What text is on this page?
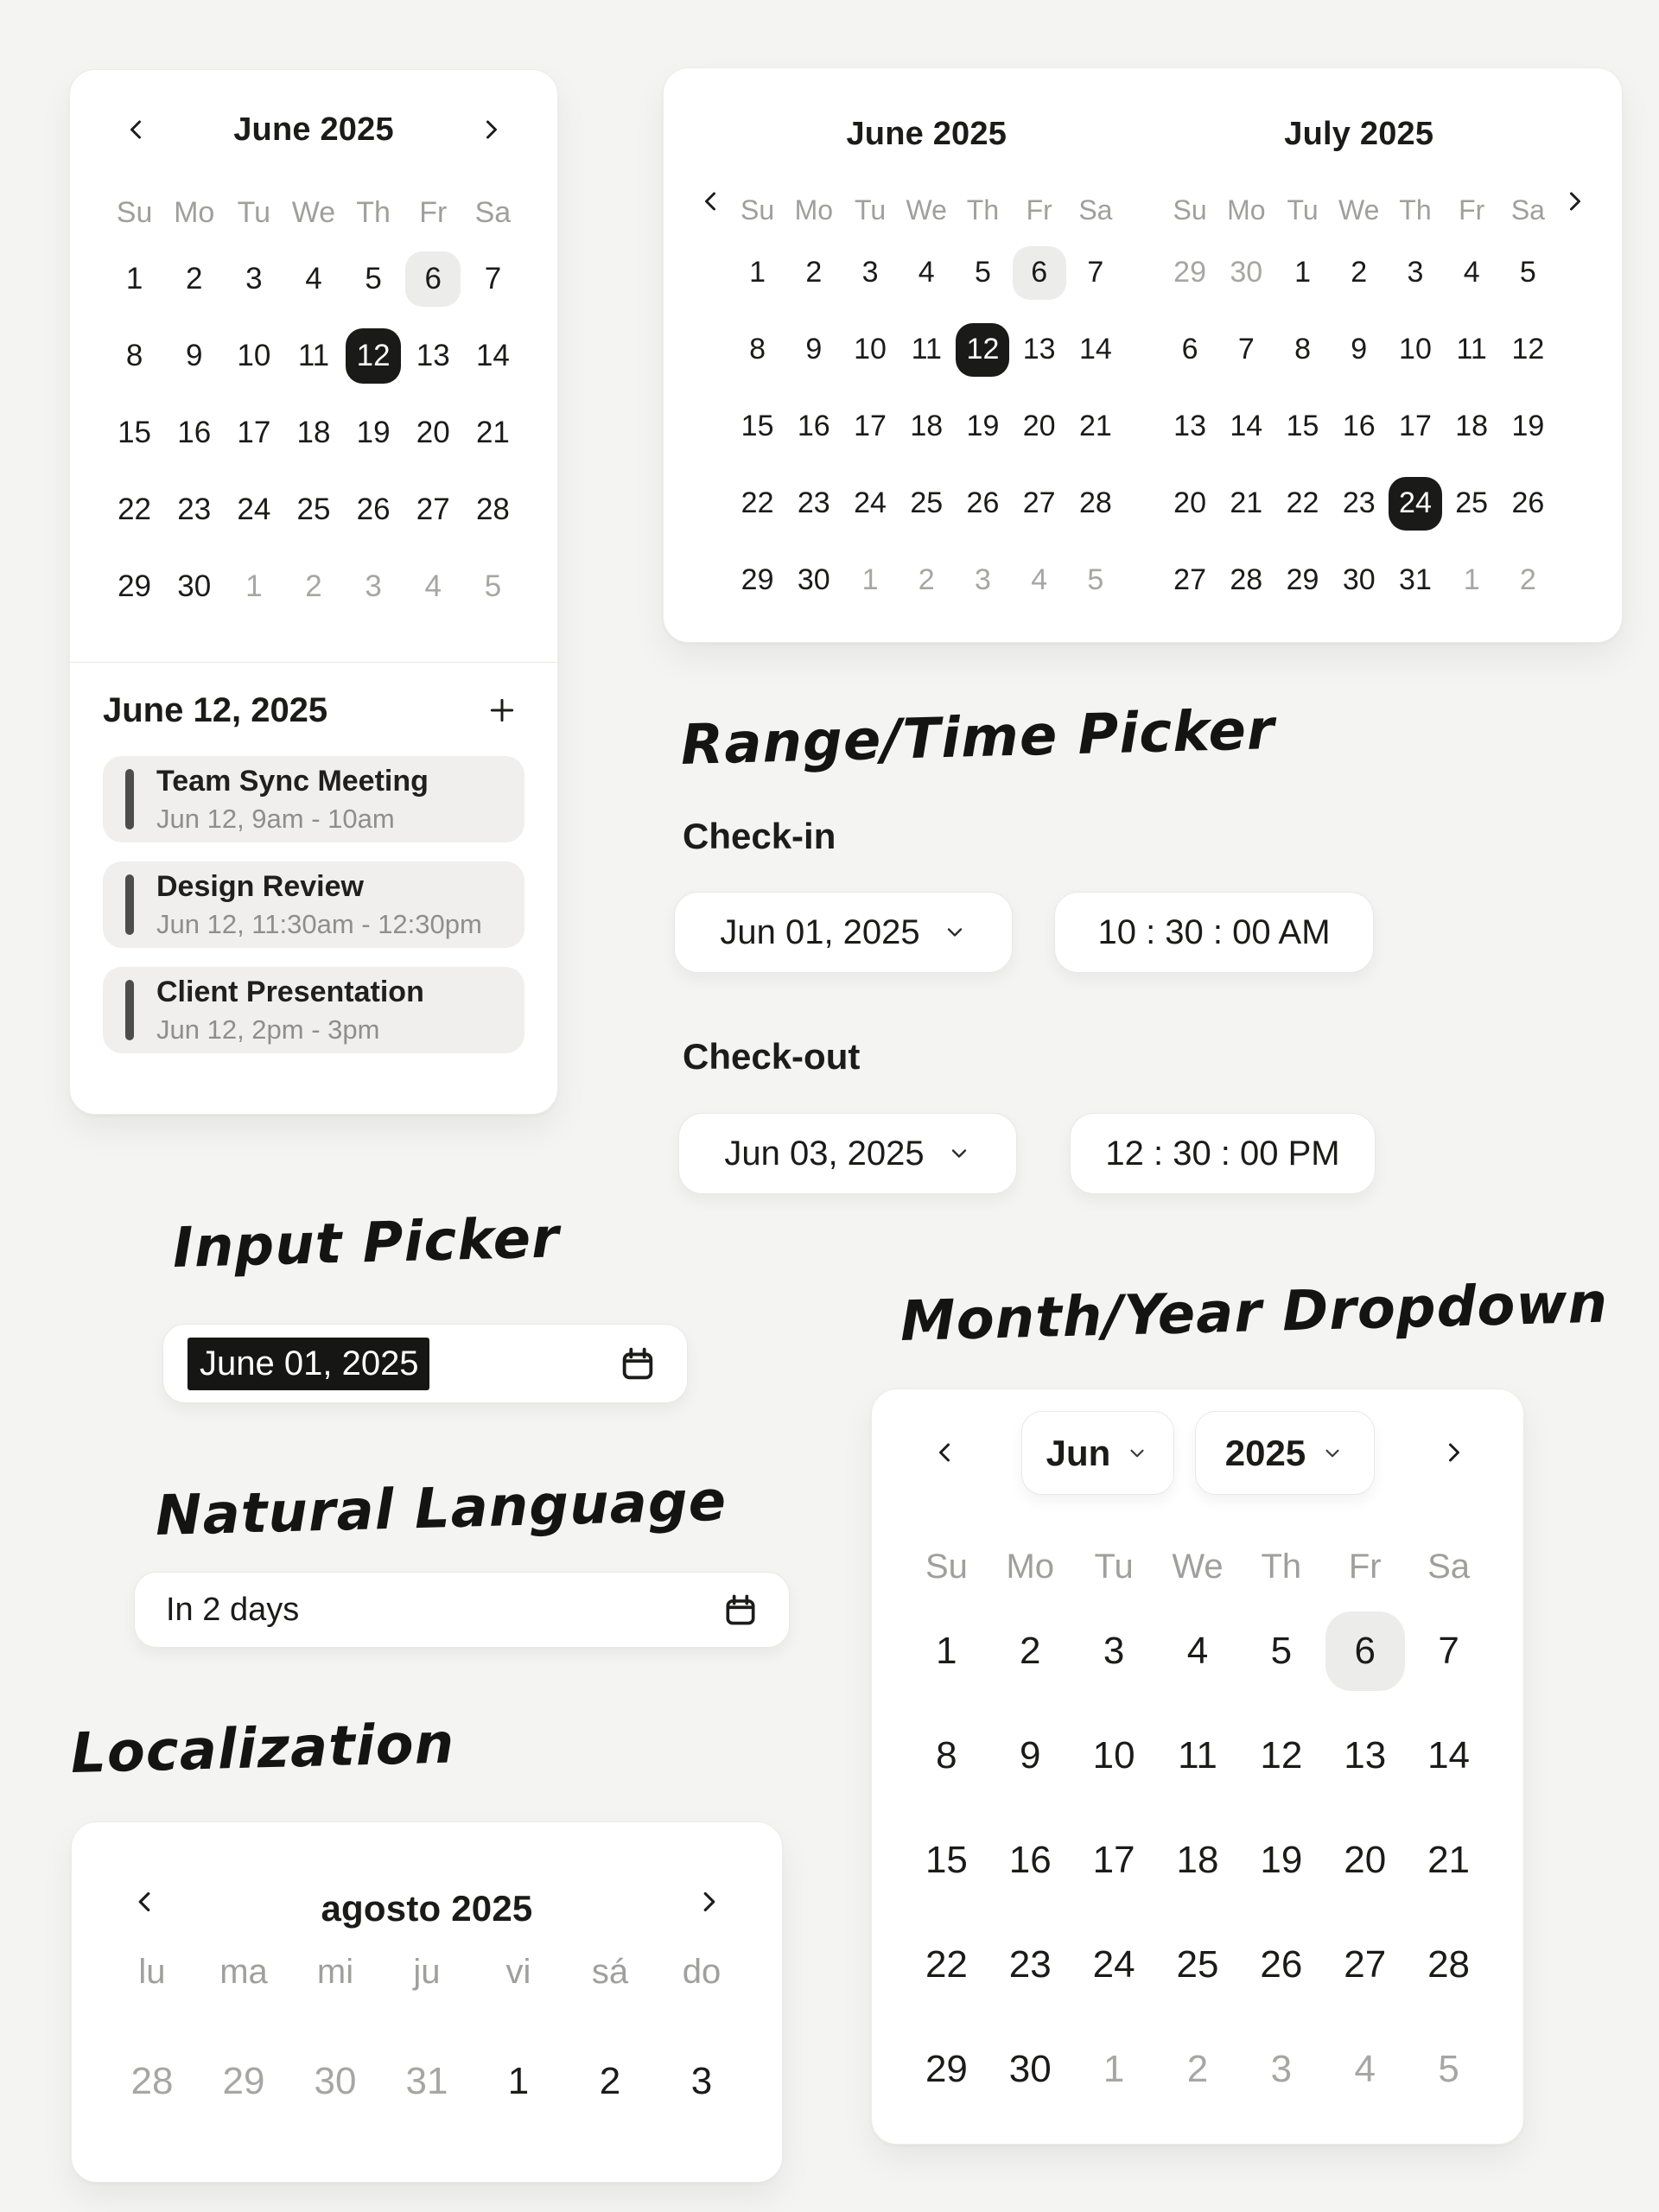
June 2025
Su Mo Tu We Th Fr Sa
1	2	3	4	5	6	7
8	9	10 11 12 13 14
15 16 17 18 19 20 21
22 23 24 25 26 27 28
29 30	1	2	3	4	5
June 12, 2025
Team Sync Meeting
Jun 12, 9am - 10am
Design Review
Jun 12, 11:30am - 12:30pm
Client Presentation
Jun 12, 2pm - 3pm
June 2025
Su Mo Tu We Th Fr Sa
1	2	3	4	5	6	7
8	9	10 11 12 13 14
15 16 17 18 19 20 21
22 23 24 25 26 27 28
29 30	1	2	3	4	5
July 2025
Su Mo Tu We Th Fr Sa
29 30	1	2	3	4	5
6	7	8	9	10 11 12
13 14 15 16 17 18 19
20 21 22 23 24 25 26
27 28 29 30 31	1	2
Range/Time Picker
Check-in
Jun 01, 2025	10 : 30 : 00 AM
Check-out
Jun 03, 2025	12 : 30 : 00 PM
Input Picker
June 01, 2025
Month/Year Dropdown
Jun	2025
Su	Mo	Tu	We	Th	Fr	Sa
1	2	3	4	5	6	7
8	9	10	11	12	13	14
15	16	17	18	19	20	21
22	23	24	25	26	27	28
29	30	1	2	3	4	5
Natural Language
In 2 days
Localization
agosto 2025
lu	ma	mi	ju	vi	sá	do
28 29 30 31	1	2	3
